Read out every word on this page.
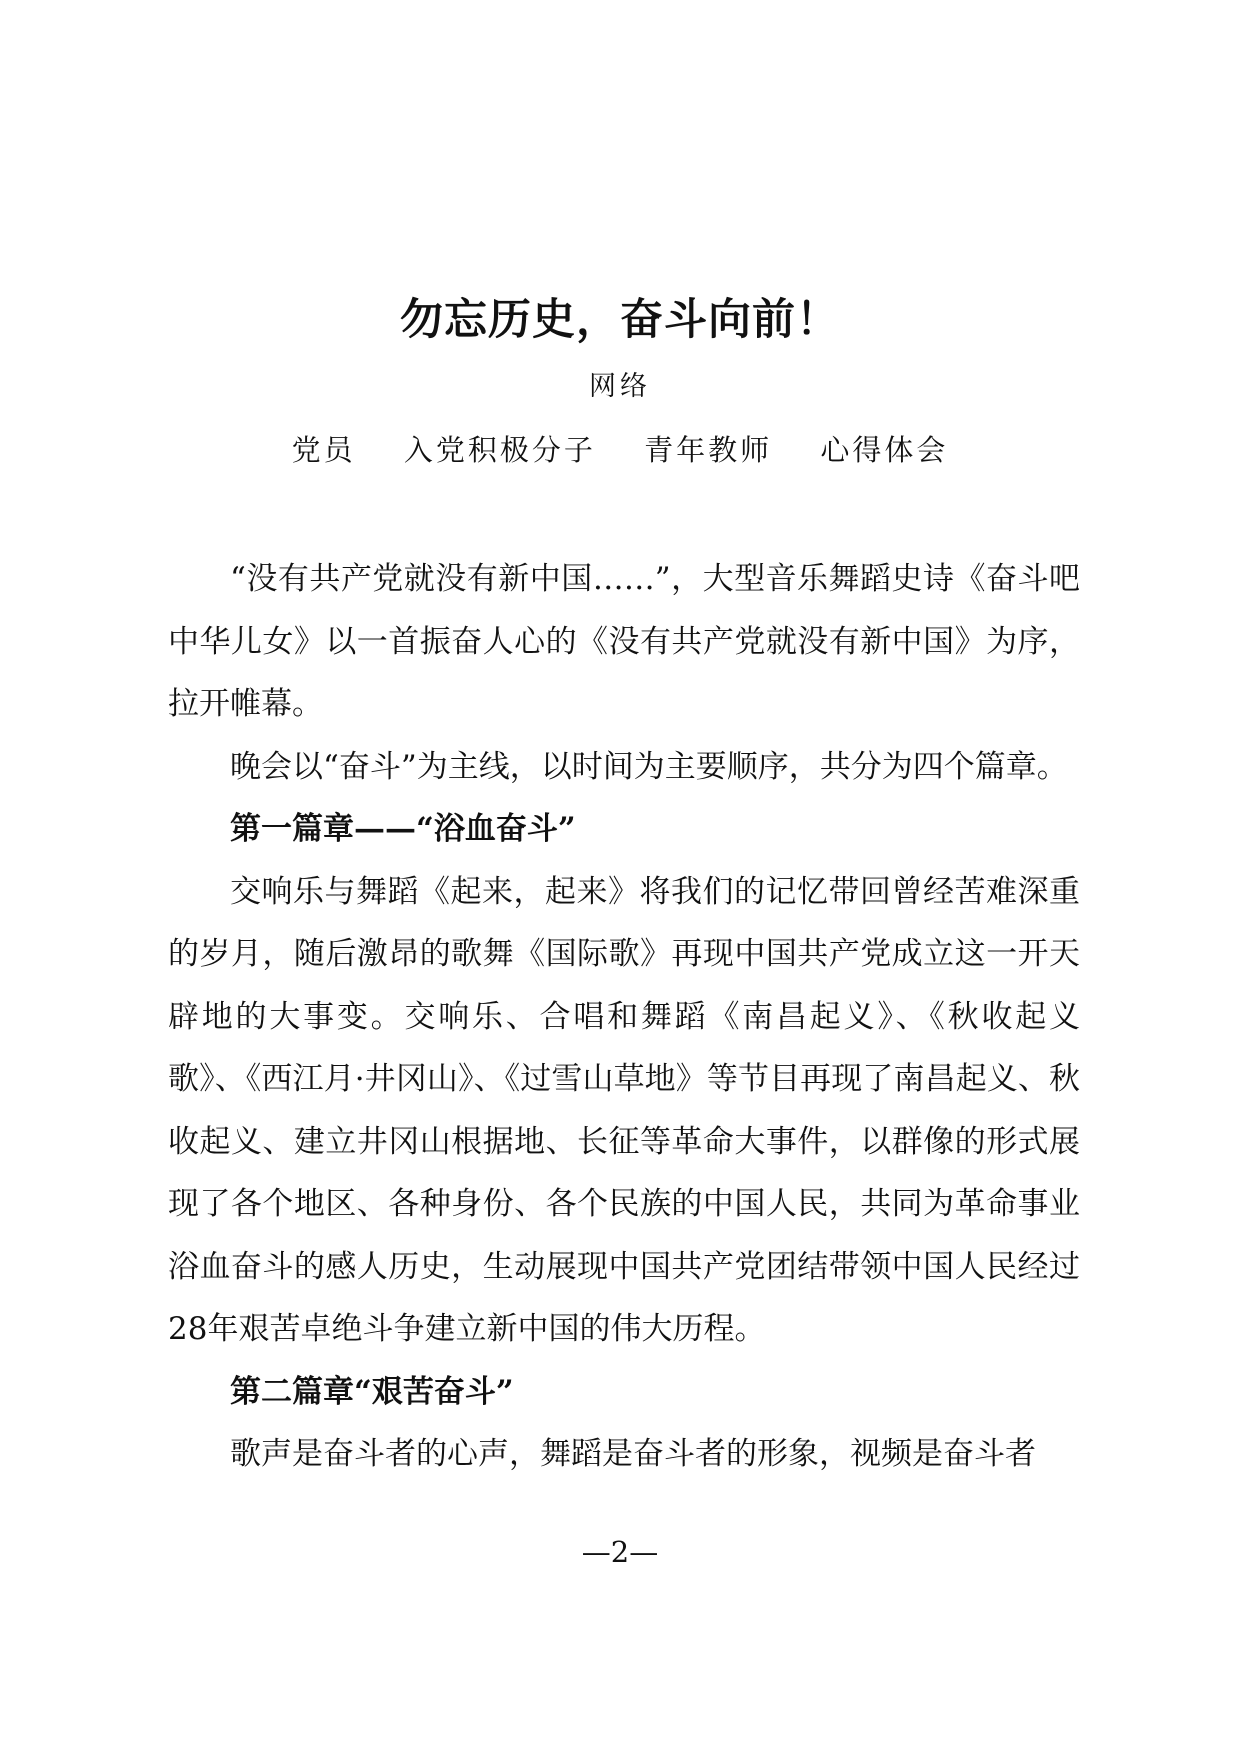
勿忘历史，奋斗向前！
网络
党员 入党积极分子 青年教师 心得体会

“没有共产党就没有新中国……”，大型音乐舞蹈史诗《奋斗吧 中华儿女》以一首振奋人心的《没有共产党就没有新中国》为序，拉开帷幕。

晚会以“奋斗”为主线，以时间为主要顺序，共分为四个篇章。

第一篇章——“浴血奋斗”

交响乐与舞蹈《起来，起来》将我们的记忆带回曾经苦难深重的岁月，随后激昂的歌舞《国际歌》再现中国共产党成立这一开天辟地的大事变。交响乐、合唱和舞蹈《南昌起义》、《秋收起义歌》、《西江月·井冈山》、《过雪山草地》等节目再现了南昌起义、秋收起义、建立井冈山根据地、长征等革命大事件，以群像的形式展现了各个地区、各种身份、各个民族的中国人民，共同为革命事业浴血奋斗的感人历史，生动展现中国共产党团结带领中国人民经过28年艰苦卓绝斗争建立新中国的伟大历程。

第二篇章“艰苦奋斗”

歌声是奋斗者的心声，舞蹈是奋斗者的形象，视频是奋斗者

—2—
